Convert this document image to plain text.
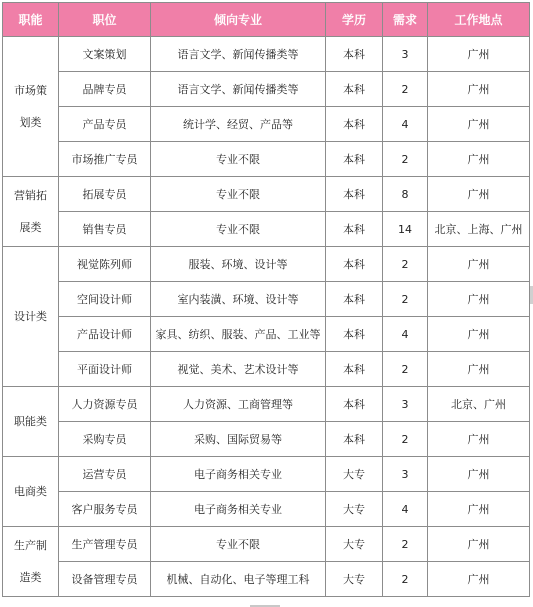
职能	职位	倾向专业	学历	需求	工作地点

市场策
划类	文案策划	语言文学、新闻传播类等	本科	3	广州
	品牌专员	语言文学、新闻传播类等	本科	2	广州
	产品专员	统计学、经贸、产品等	本科	4	广州
	市场推广专员	专业不限	本科	2	广州

营销拓
展类	拓展专员	专业不限	本科	8	广州
	销售专员	专业不限	本科	14	北京、上海、广州

设计类	视觉陈列师	服装、环境、设计等	本科	2	广州
	空间设计师	室内装潢、环境、设计等	本科	2	广州
	产品设计师	家具、纺织、服装、产品、工业等	本科	4	广州
	平面设计师	视觉、美术、艺术设计等	本科	2	广州

职能类	人力资源专员	人力资源、工商管理等	本科	3	北京、广州
	采购专员	采购、国际贸易等	本科	2	广州

电商类	运营专员	电子商务相关专业	大专	3	广州
	客户服务专员	电子商务相关专业	大专	4	广州

生产制
造类	生产管理专员	专业不限	大专	2	广州
	设备管理专员	机械、自动化、电子等理工科	大专	2	广州
